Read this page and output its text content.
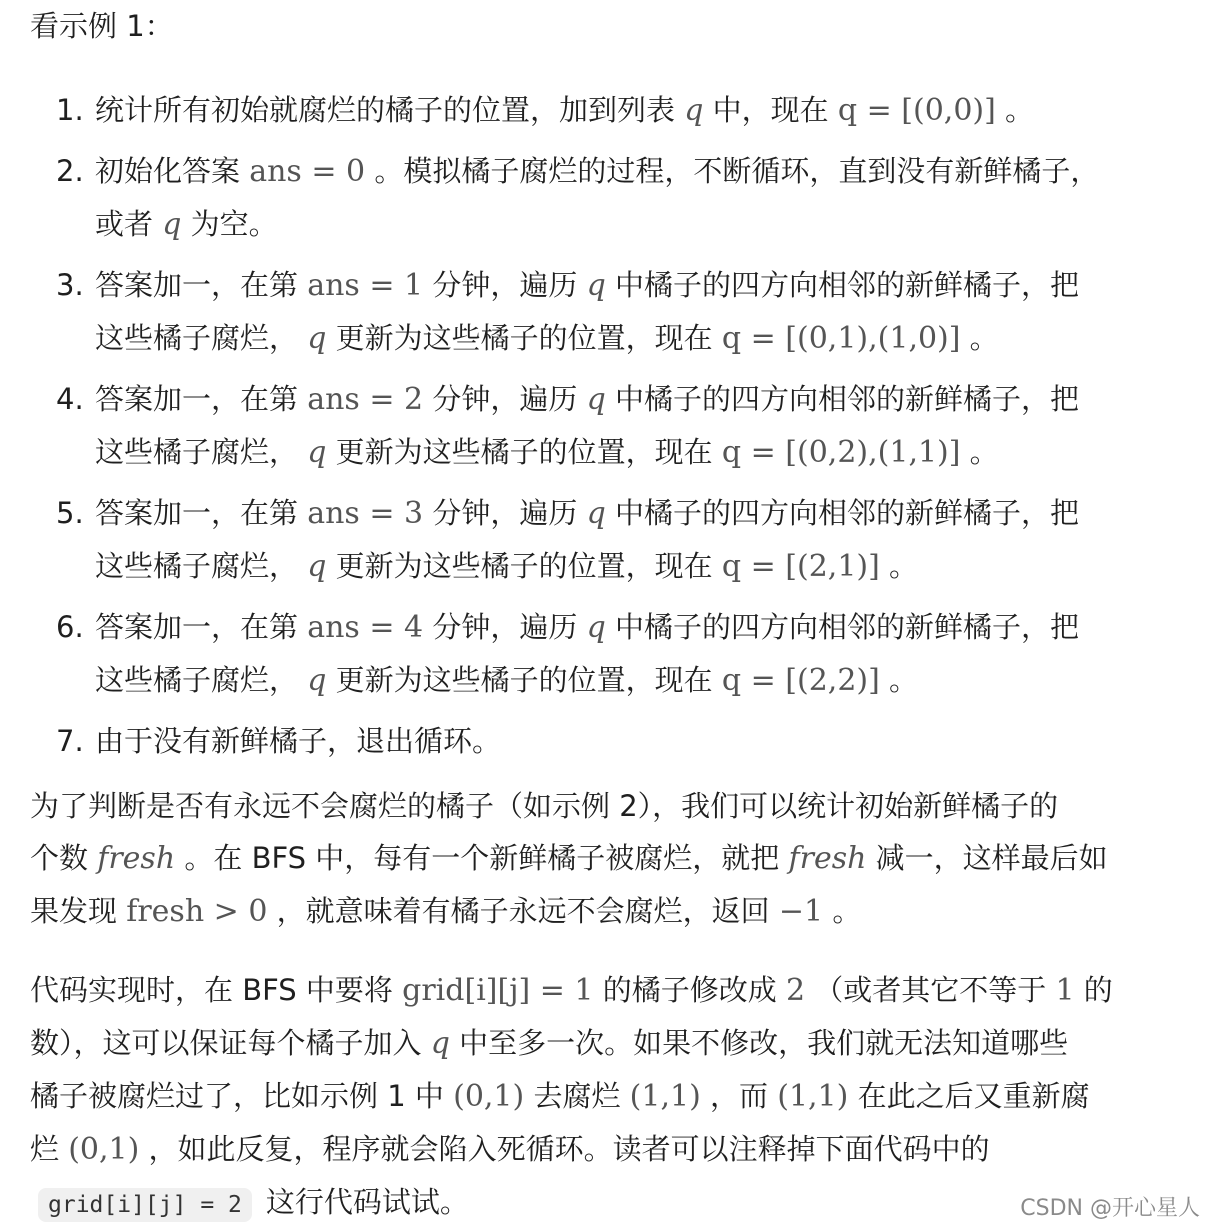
看示例 1：
1. 统计所有初始就腐烂的橘子的位置，加到列表 q 中，现在 q = [(0,0)] 。
2. 初始化答案 ans = 0 。模拟橘子腐烂的过程，不断循环，直到没有新鲜橘子，
或者 q 为空。
3. 答案加一，在第 ans = 1 分钟，遍历 q 中橘子的四方向相邻的新鲜橘子，把
这些橘子腐烂， q 更新为这些橘子的位置，现在 q = [(0,1),(1,0)] 。
4. 答案加一，在第 ans = 2 分钟，遍历 q 中橘子的四方向相邻的新鲜橘子，把
这些橘子腐烂， q 更新为这些橘子的位置，现在 q = [(0,2),(1,1)] 。
5. 答案加一，在第 ans = 3 分钟，遍历 q 中橘子的四方向相邻的新鲜橘子，把
这些橘子腐烂， q 更新为这些橘子的位置，现在 q = [(2,1)] 。
6. 答案加一，在第 ans = 4 分钟，遍历 q 中橘子的四方向相邻的新鲜橘子，把
这些橘子腐烂， q 更新为这些橘子的位置，现在 q = [(2,2)] 。
7. 由于没有新鲜橘子，退出循环。
为了判断是否有永远不会腐烂的橘子（如示例 2），我们可以统计初始新鲜橘子的
个数 fresh 。在 BFS 中，每有一个新鲜橘子被腐烂，就把 fresh 减一，这样最后如
果发现 fresh > 0 ，就意味着有橘子永远不会腐烂，返回 −1 。
代码实现时，在 BFS 中要将 grid[i][j] = 1 的橘子修改成 2 （或者其它不等于 1 的
数），这可以保证每个橘子加入 q 中至多一次。如果不修改，我们就无法知道哪些
橘子被腐烂过了，比如示例 1 中 (0,1) 去腐烂 (1,1) ，而 (1,1) 在此之后又重新腐
烂 (0,1) ，如此反复，程序就会陷入死循环。读者可以注释掉下面代码中的
grid[i][j] = 2 这行代码试试。	CSDN @开心星人
